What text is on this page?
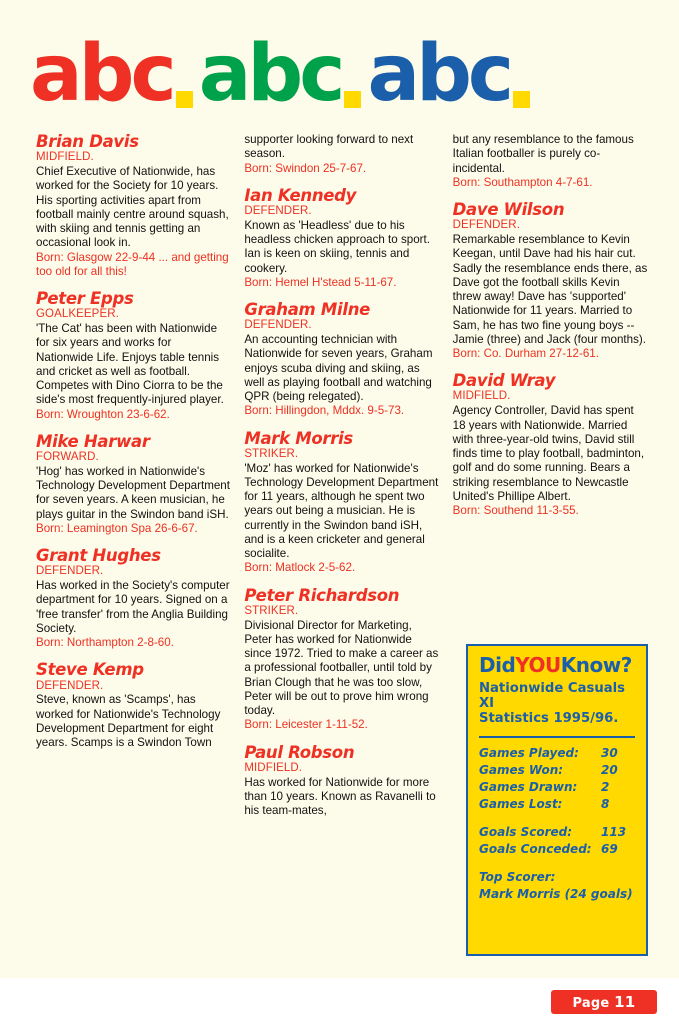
abc abc abc

Brian Davis

MIDFIELD.

Chief Executive of Nationwide, has worked for the Society for 10 years. His sporting activities apart from football mainly centre around squash, with skiing and tennis getting an occasional look in.

Born: Glasgow 22-9-44 ... and getting too old for all this!

Peter Epps

GOALKEEPER.

'The Cat' has been with Nationwide for six years and works for Nationwide Life. Enjoys table tennis and cricket as well as football. Competes with Dino Ciorra to be the side's most frequently-injured player.

Born: Wroughton 23-6-62.

Mike Harwar

FORWARD.

'Hog' has worked in Nationwide's Technology Development Department for seven years. A keen musician, he plays guitar in the Swindon band iSH.

Born: Leamington Spa 26-6-67.

Grant Hughes

DEFENDER.

Has worked in the Society's computer department for 10 years. Signed on a 'free transfer' from the Anglia Building Society.

Born: Northampton 2-8-60.

Steve Kemp

DEFENDER.

Steve, known as 'Scamps', has worked for Nationwide's Technology Development Department for eight years. Scamps is a Swindon Town

supporter looking forward to next season.

Born: Swindon 25-7-67.

Ian Kennedy

DEFENDER.

Known as 'Headless' due to his headless chicken approach to sport. Ian is keen on skiing, tennis and cookery.

Born: Hemel H'stead 5-11-67.

Graham Milne

DEFENDER.

An accounting technician with Nationwide for seven years, Graham enjoys scuba diving and skiing, as well as playing football and watching QPR (being relegated).

Born: Hillingdon, Mddx. 9-5-73.

Mark Morris

STRIKER.

'Moz' has worked for Nationwide's Technology Development Department for 11 years, although he spent two years out being a musician. He is currently in the Swindon band iSH, and is a keen cricketer and general socialite.

Born: Matlock 2-5-62.

Peter Richardson

STRIKER.

Divisional Director for Marketing, Peter has worked for Nationwide since 1972. Tried to make a career as a professional footballer, until told by Brian Clough that he was too slow, Peter will be out to prove him wrong today.

Born: Leicester 1-11-52.

Paul Robson

MIDFIELD.

Has worked for Nationwide for more than 10 years. Known as Ravanelli to his team-mates,

but any resemblance to the famous Italian footballer is purely co-incidental.

Born: Southampton 4-7-61.

Dave Wilson

DEFENDER.

Remarkable resemblance to Kevin Keegan, until Dave had his hair cut. Sadly the resemblance ends there, as Dave got the football skills Kevin threw away! Dave has 'supported' Nationwide for 11 years. Married to Sam, he has two fine young boys -- Jamie (three) and Jack (four months).

Born: Co. Durham 27-12-61.

David Wray

MIDFIELD.

Agency Controller, David has spent 18 years with Nationwide. Married with three-year-old twins, David still finds time to play football, badminton, golf and do some running. Bears a striking resemblance to Newcastle United's Phillipe Albert.

Born: Southend 11-3-55.

DidYOUKnow?

Nationwide Casuals XI
Statistics 1995/96.

Games Played: 30
Games Won:	20
Games Drawn: 2
Games Lost:	8
Goals Scored: 113
Goals Conceded: 69
Top Scorer:
Mark Morris (24 goals)
Page 11
